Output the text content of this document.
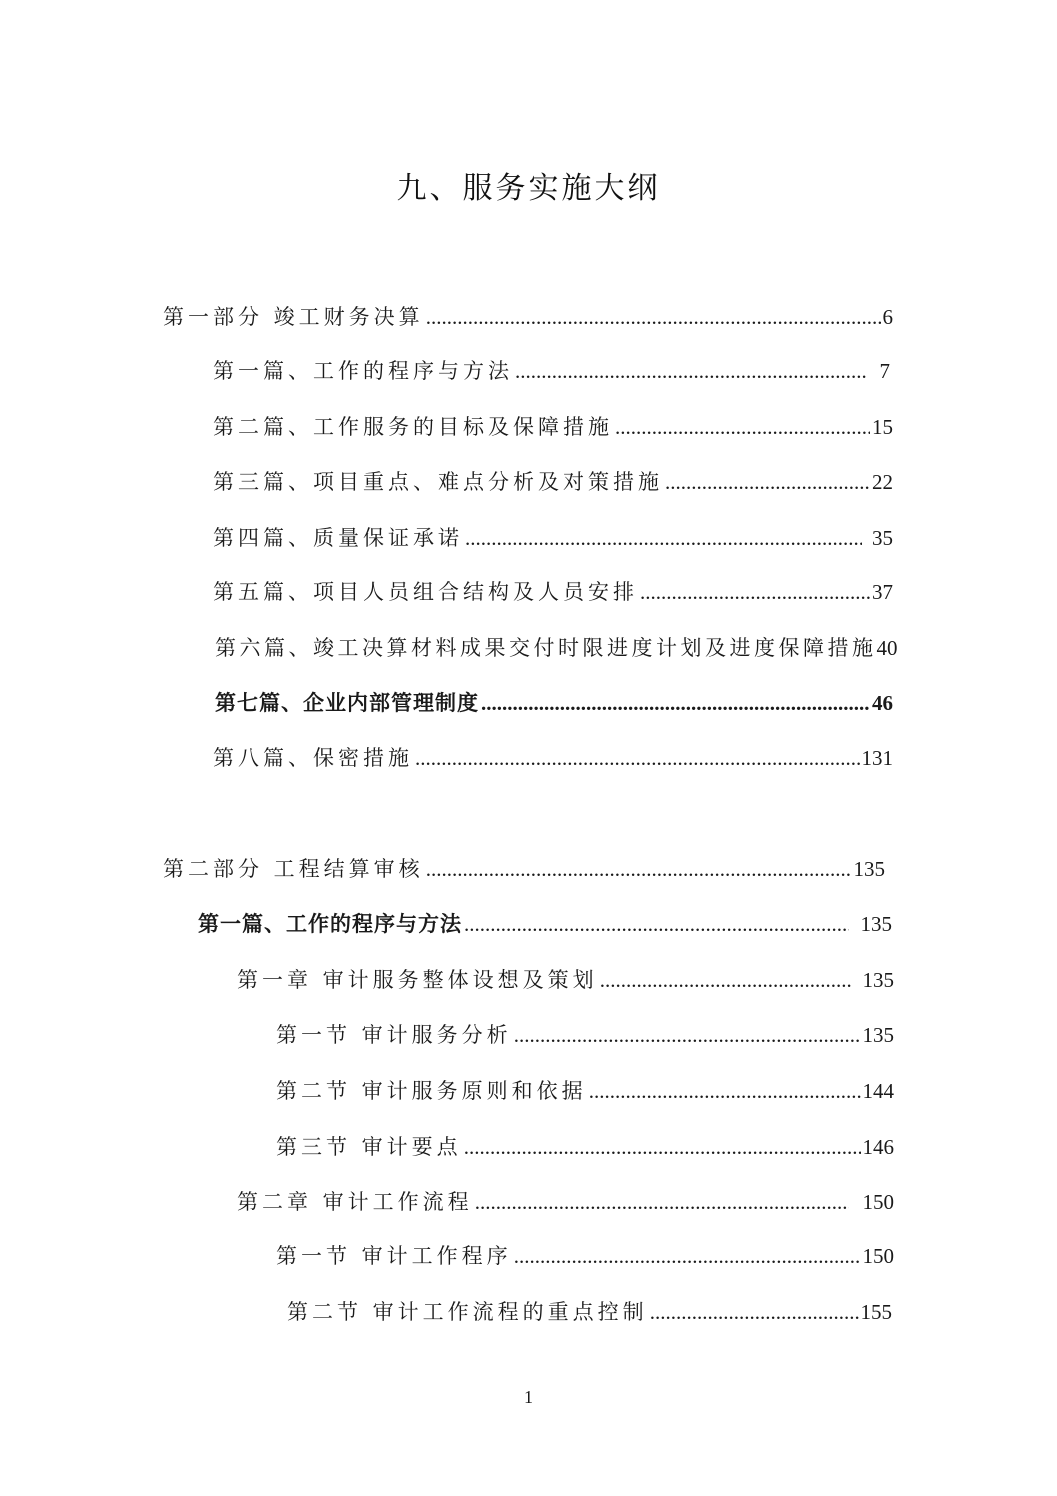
九、服务实施大纲
第一部分 竣工财务决算 .....	6
第一篇、工作的程序与方法 .....	7
第二篇、工作服务的目标及保障措施 .....	15
第三篇、项目重点、难点分析及对策措施 .....	22
第四篇、质量保证承诺 .....	35
第五篇、项目人员组合结构及人员安排 .....	37
第六篇、竣工决算材料成果交付时限进度计划及进度保障措施 40
第七篇、企业内部管理制度 .....	46
第八篇、保密措施 .....	131
第二部分 工程结算审核 .....	135
第一篇、工作的程序与方法 .....	135
第一章 审计服务整体设想及策划 .....	135
第一节 审计服务分析 .....	135
第二节 审计服务原则和依据 .....	144
第三节 审计要点 .....	146
第二章 审计工作流程 .....	150
第一节 审计工作程序 .....	150
第二节 审计工作流程的重点控制 .....	155
1
